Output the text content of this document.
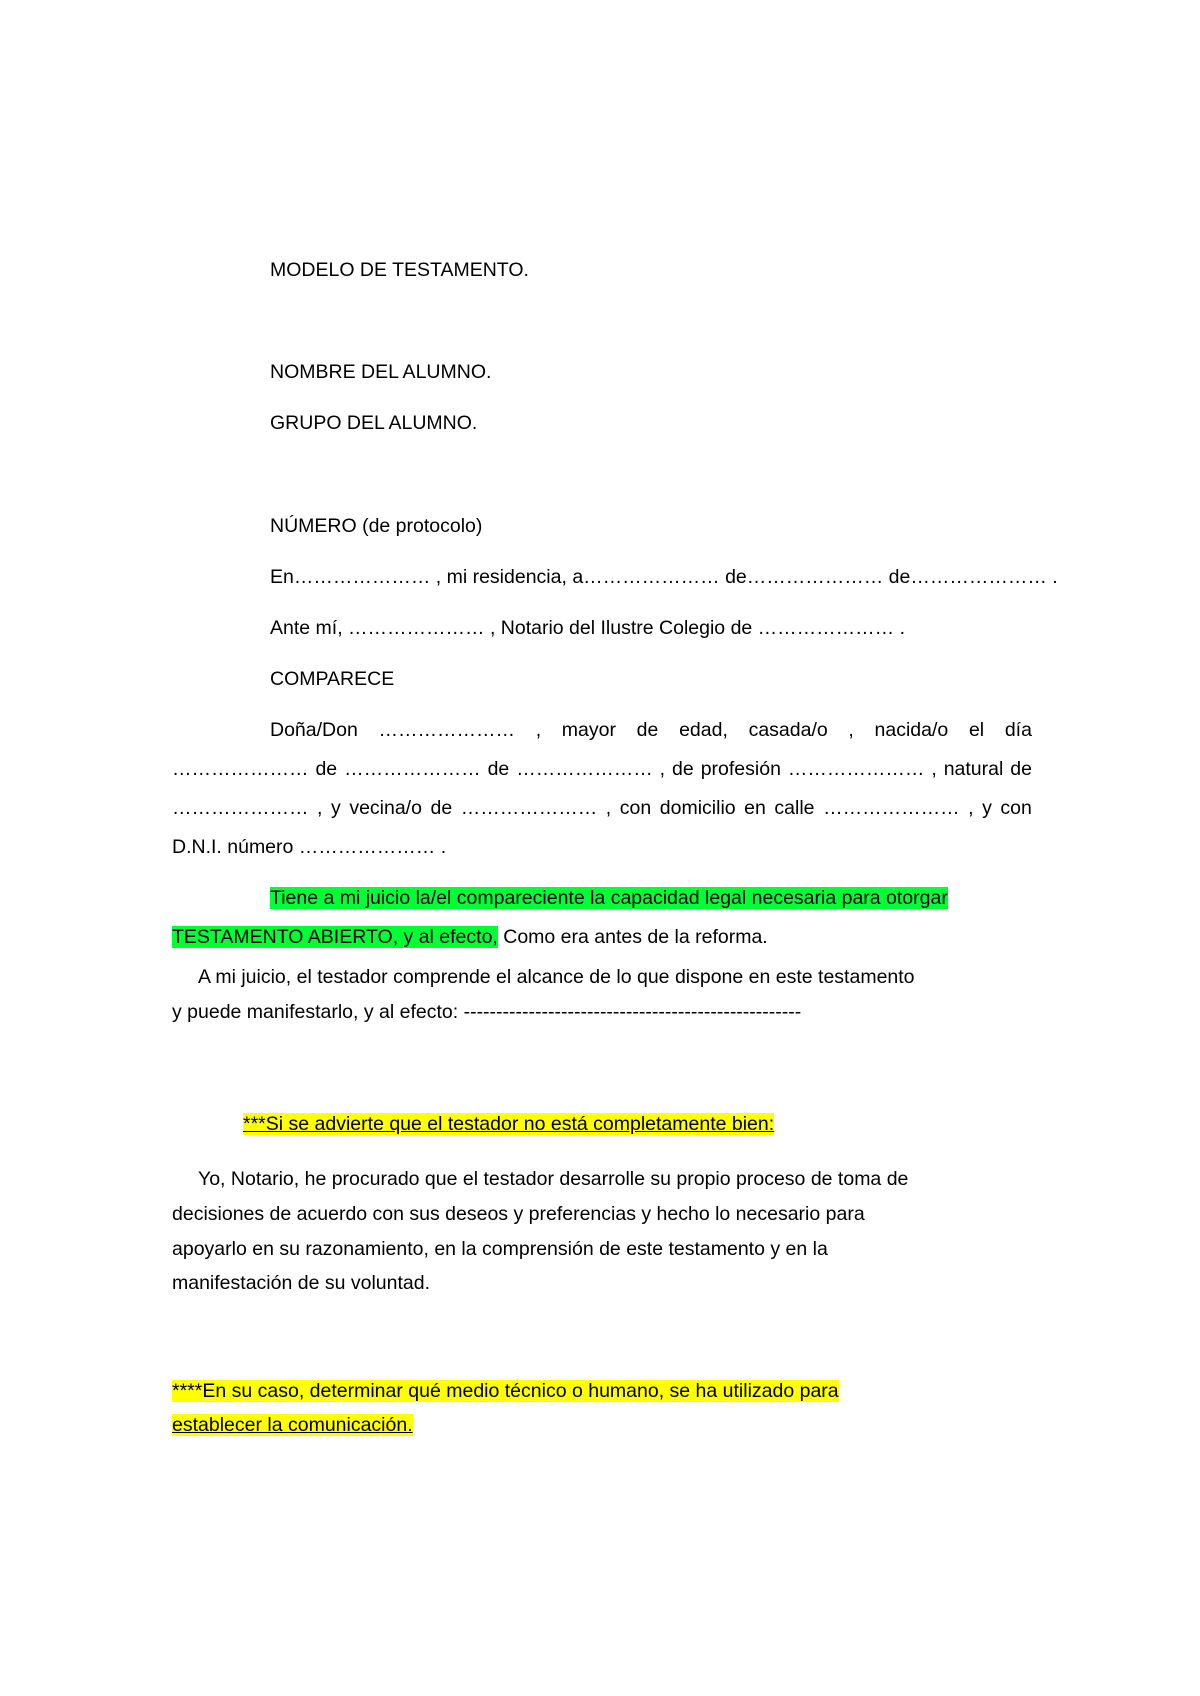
MODELO DE TESTAMENTO.

NOMBRE DEL ALUMNO.

GRUPO DEL ALUMNO.

NÚMERO (de protocolo)

En………………… , mi residencia, a………………… de………………… de………………… .

Ante mí, ………………… , Notario del Ilustre Colegio de ………………… .

COMPARECE

Doña/Don ………………… , mayor de edad, casada/o , nacida/o el día
………………… de ………………… de ………………… , de profesión ………………… , natural de
………………… , y vecina/o de ………………… , con domicilio en calle ………………… , y con

D.N.I. número ………………… .

Tiene a mi juicio la/el compareciente la capacidad legal necesaria para otorgar

TESTAMENTO ABIERTO, y al efecto, Como era antes de la reforma.

A mi juicio, el testador comprende el alcance de lo que dispone en este testamento

y puede manifestarlo, y al efecto: ----------------------------------------------------

***Si se advierte que el testador no está completamente bien:

Yo, Notario, he procurado que el testador desarrolle su propio proceso de toma de

decisiones de acuerdo con sus deseos y preferencias y hecho lo necesario para

apoyarlo en su razonamiento, en la comprensión de este testamento y en la

manifestación de su voluntad.

****En su caso, determinar qué medio técnico o humano, se ha utilizado para

establecer la comunicación.
